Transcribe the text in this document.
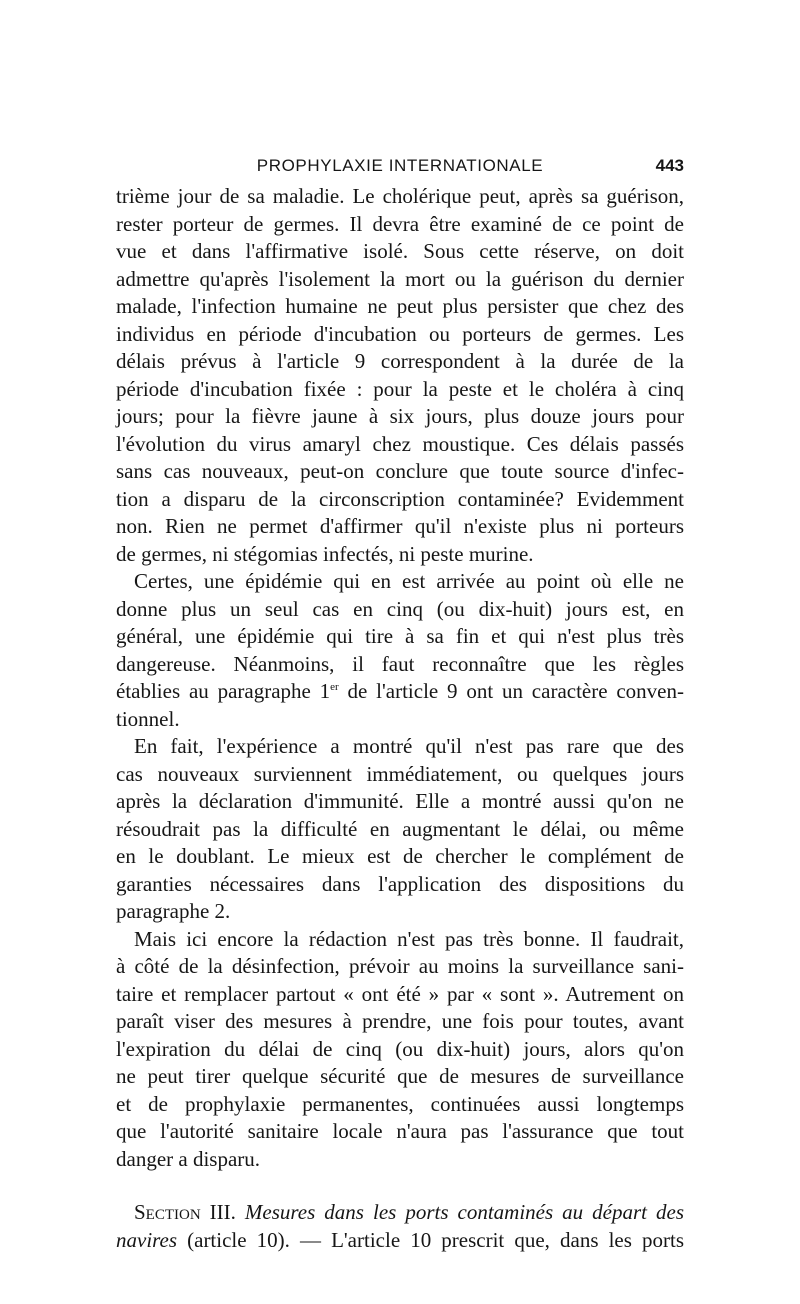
PROPHYLAXIE INTERNATIONALE	443
trième jour de sa maladie. Le cholérique peut, après sa guérison,
rester porteur de germes. Il devra être examiné de ce point de
vue et dans l'affirmative isolé. Sous cette réserve, on doit
admettre qu'après l'isolement la mort ou la guérison du dernier
malade, l'infection humaine ne peut plus persister que chez des
individus en période d'incubation ou porteurs de germes. Les
délais prévus à l'article 9 correspondent à la durée de la
période d'incubation fixée : pour la peste et le choléra à cinq
jours; pour la fièvre jaune à six jours, plus douze jours pour
l'évolution du virus amaryl chez moustique. Ces délais passés
sans cas nouveaux, peut-on conclure que toute source d'infec-
tion a disparu de la circonscription contaminée? Evidemment
non. Rien ne permet d'affirmer qu'il n'existe plus ni porteurs
de germes, ni stégomias infectés, ni peste murine.
Certes, une épidémie qui en est arrivée au point où elle ne
donne plus un seul cas en cinq (ou dix-huit) jours est, en
général, une épidémie qui tire à sa fin et qui n'est plus très
dangereuse. Néanmoins, il faut reconnaître que les règles
établies au paragraphe 1er de l'article 9 ont un caractère conven-
tionnel.
En fait, l'expérience a montré qu'il n'est pas rare que des
cas nouveaux surviennent immédiatement, ou quelques jours
après la déclaration d'immunité. Elle a montré aussi qu'on ne
résoudrait pas la difficulté en augmentant le délai, ou même
en le doublant. Le mieux est de chercher le complément de
garanties nécessaires dans l'application des dispositions du
paragraphe 2.
Mais ici encore la rédaction n'est pas très bonne. Il faudrait,
à côté de la désinfection, prévoir au moins la surveillance sani-
taire et remplacer partout « ont été » par « sont ». Autrement on
paraît viser des mesures à prendre, une fois pour toutes, avant
l'expiration du délai de cinq (ou dix-huit) jours, alors qu'on
ne peut tirer quelque sécurité que de mesures de surveillance
et de prophylaxie permanentes, continuées aussi longtemps
que l'autorité sanitaire locale n'aura pas l'assurance que tout
danger a disparu.
Section III. Mesures dans les ports contaminés au départ des
navires (article 10). — L'article 10 prescrit que, dans les ports
